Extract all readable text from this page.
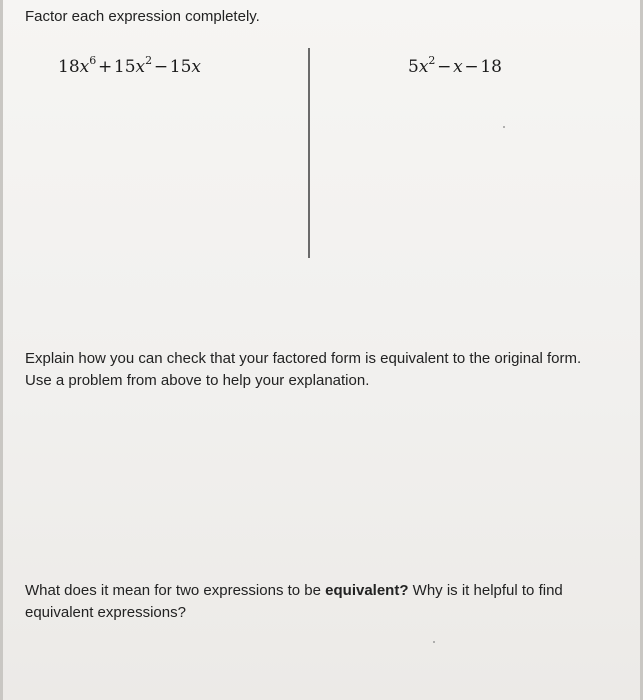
Factor each expression completely.
$18x^6$  +  $15x^2$  −  15x	$5x^2$  −  x  −  18
Explain how you can check that your factored form is equivalent to the original form. Use a problem from above to help your explanation.
What does it mean for two expressions to be equivalent? Why is it helpful to find equivalent expressions?
